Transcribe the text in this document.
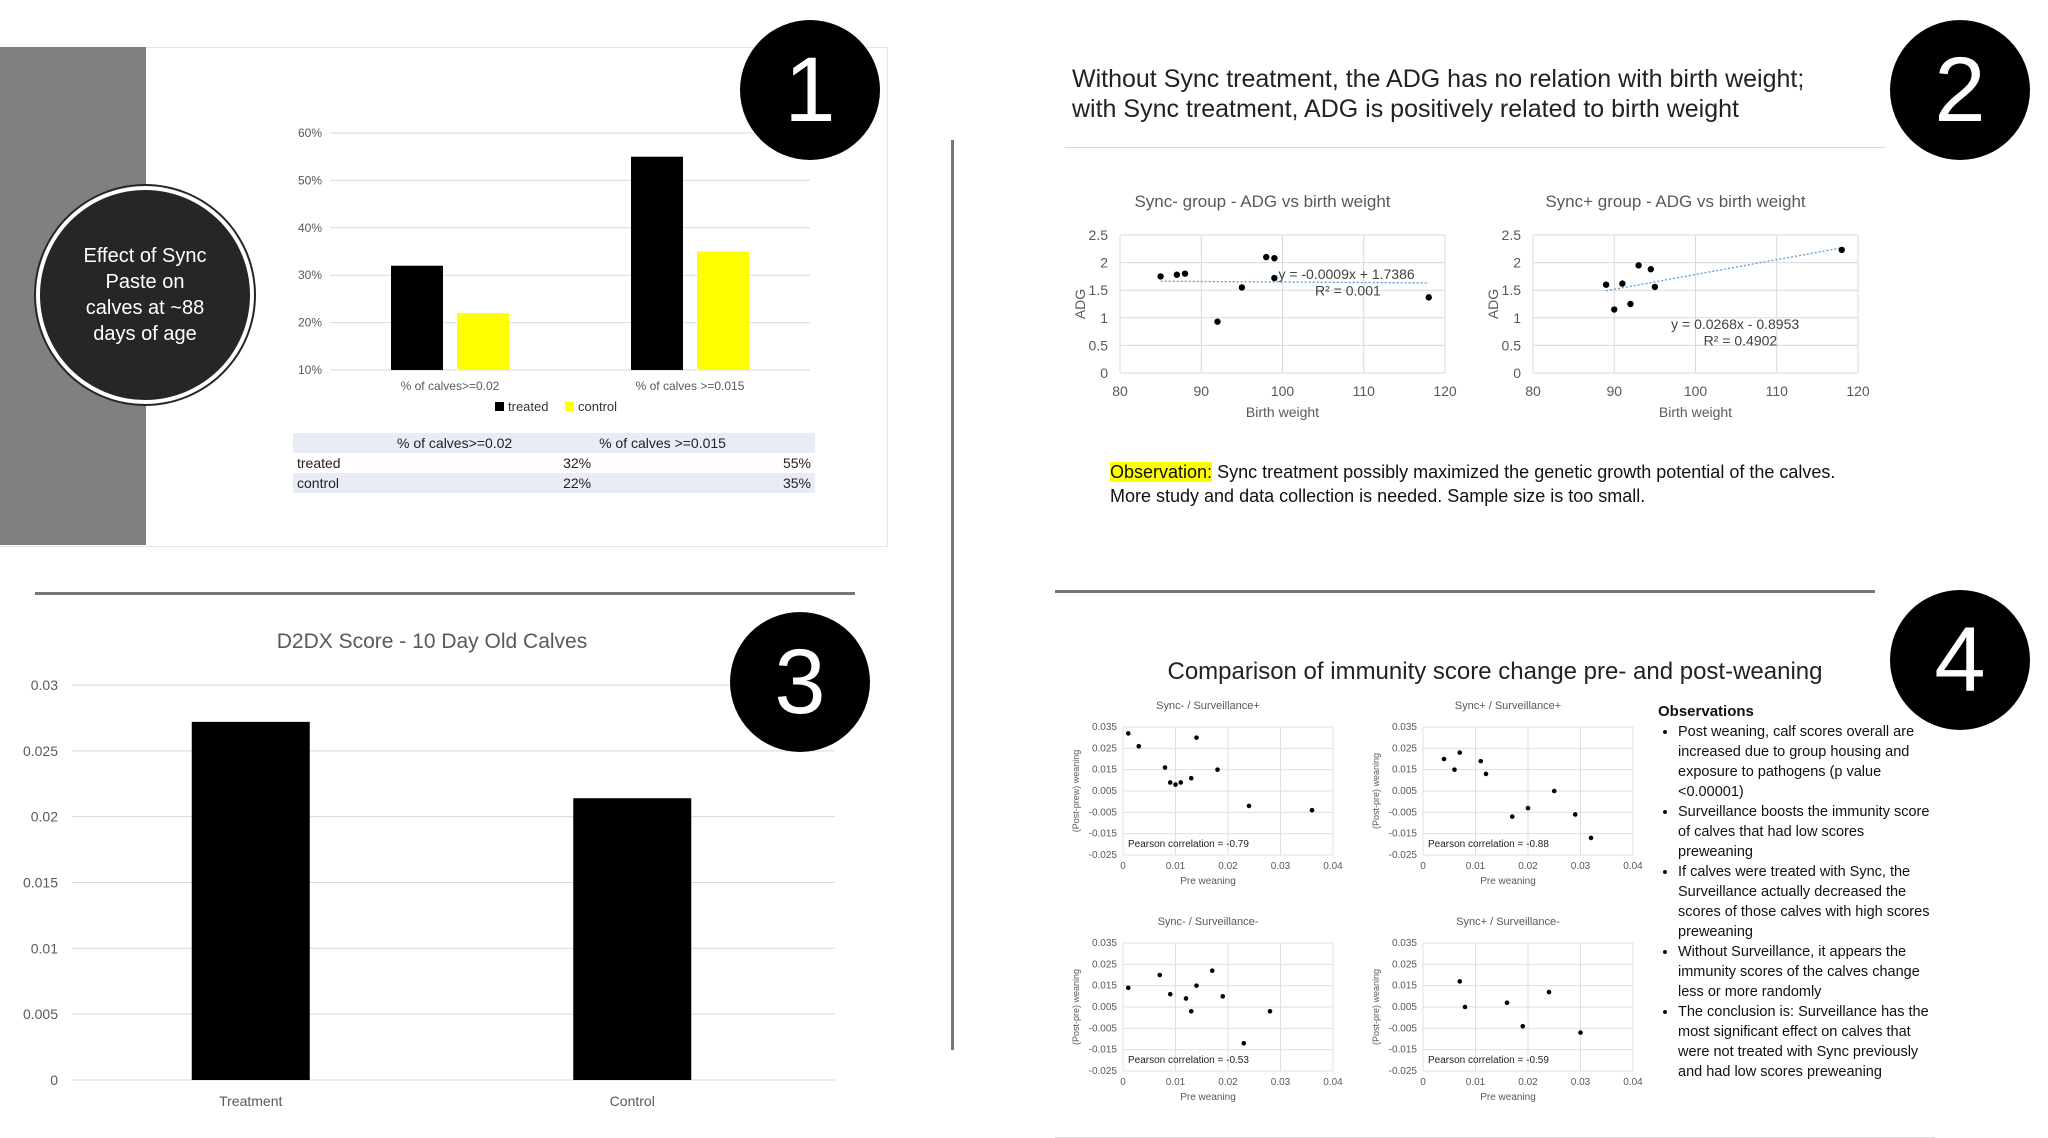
Effect of Sync Paste on calves at ~88 days of age
10%
20%
30%
40%
50%
60%
% of calves>=0.02	% of calves >=0.015
treated control
	% of calves>=0.02	% of calves >=0.015
treated	32%	55%
control	22%	35%
1	Without Sync treatment, the ADG has no relation with birth weight;
with Sync treatment, ADG is positively related to birth weight
Sync- group - ADG vs birth weight
0
0.5
1
1.5
2
2.5
80	90	100	110	120
Birth weight
ADG
y = -0.0009x + 1.7386
R² = 0.001
Sync+ group - ADG vs birth weight
0
0.5
1
1.5
2
2.5
80	90	100	110	120
Birth weight
ADG
y = 0.0268x - 0.8953
R² = 0.4902
Observation: Sync treatment possibly maximized the genetic growth potential of the calves.
More study and data collection is needed. Sample size is too small.
2
D2DX Score - 10 Day Old Calves
0
0.005
0.01
0.015
0.02
0.025
0.03
Treatment	Control
3	Comparison of immunity score change pre- and post-weaning
Sync- / Surveillance+
-0.025
-0.015
-0.005
0.005
0.015
0.025
0.035
0	0.01	0.02	0.03	0.04
Pre weaning
(Post-prew) weaning
Pearson correlation = -0.79
Sync+ / Surveillance+
-0.025
-0.015
-0.005
0.005
0.015
0.025
0.035
0	0.01	0.02	0.03	0.04
Pre weaning
(Post-pre) weaning
Pearson correlation = -0.88
Sync- / Surveillance-
-0.025
-0.015
-0.005
0.005
0.015
0.025
0.035
0	0.01	0.02	0.03	0.04
Pre weaning
(Post-pre) weaning
Pearson correlation = -0.53
Sync+ / Surveillance-
-0.025
-0.015
-0.005
0.005
0.015
0.025
0.035
0	0.01	0.02	0.03	0.04
Pre weaning
(Post-pre) weaning
Pearson correlation = -0.59
Observations
• Post weaning, calf scores overall are increased due to group housing and exposure to pathogens (p value <0.00001)
• Surveillance boosts the immunity score of calves that had low scores preweaning
• If calves were treated with Sync, the Surveillance actually decreased the scores of those calves with high scores preweaning
• Without Surveillance, it appears the immunity scores of the calves change less or more randomly
• The conclusion is: Surveillance has the most significant effect on calves that were not treated with Sync previously and had low scores preweaning
4
